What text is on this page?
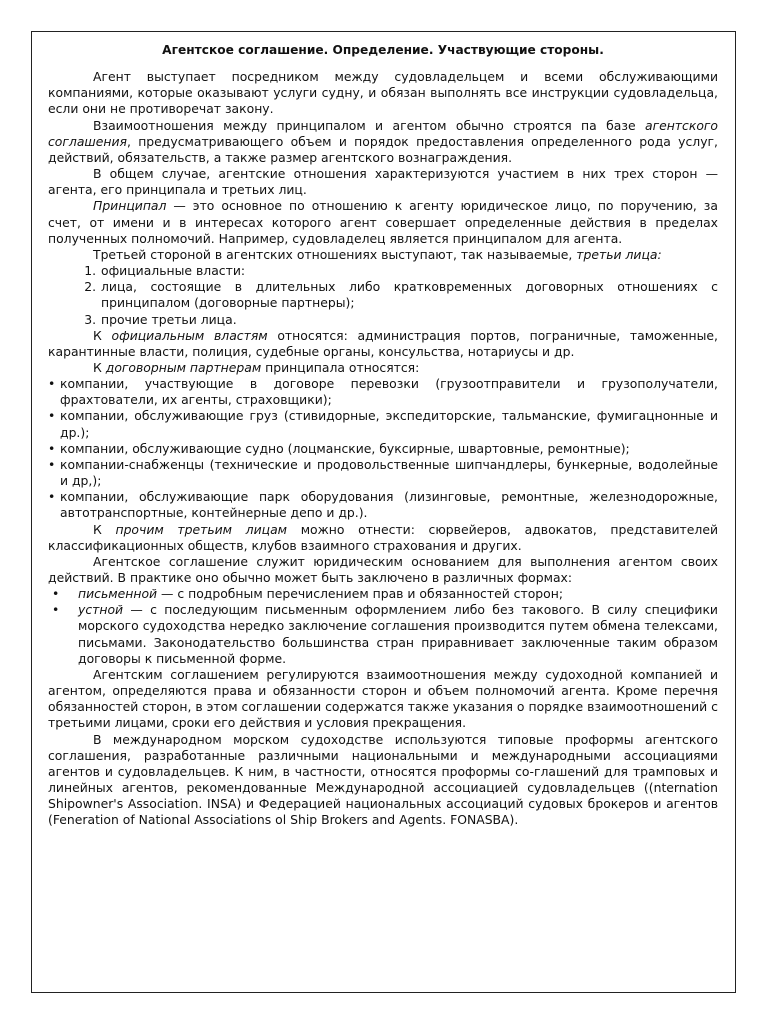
Агентское соглашение. Определение. Участвующие стороны.

Агент выступает посредником между судовладельцем и всеми обслуживающими компаниями, которые оказывают услуги судну, и обязан выполнять все инструкции судовладельца, если они не противоречат закону.

Взаимоотношения между принципалом и агентом обычно строятся па базе агентского соглашения, предусматривающего объем и порядок предоставления определенного рода услуг, действий, обязательств, а также размер агентского вознаграждения.

В общем случае, агентские отношения характеризуются участием в них трех сторон — агента, его принципала и третьих лиц.

Принципал — это основное по отношению к агенту юридическое лицо, по поручению, за счет, от имени и в интересах которого агент совершает определенные действия в пределах полученных полномочий. Например, судовладелец является принципалом для агента.

Третьей стороной в агентских отношениях выступают, так называемые, третьи лица:

1. официальные власти:
2. лица, состоящие в длительных либо кратковременных договорных отношениях с принципалом (договорные партнеры);
3. прочие третьи лица.

К официальным властям относятся: администрация портов, пограничные, таможенные, карантинные власти, полиция, судебные органы, консульства, нотариусы и др.

К договорным партнерам принципала относятся:

• компании, участвующие в договоре перевозки (грузоотправители и грузополучатели, фрахтователи, их агенты, страховщики);
• компании, обслуживающие груз (стивидорные, экспедиторские, тальманские, фумигацнонные и др.);
• компании, обслуживающие судно (лоцманские, буксирные, швартовные, ремонтные);
• компании-снабженцы (технические и продовольственные шипчандлеры, бункерные, водолейные и др,);
• компании, обслуживающие парк оборудования (лизинговые, ремонтные, железнодорожные, автотранспортные, контейнерные депо и др.).

К прочим третьим лицам можно отнести: сюрвейеров, адвокатов, представителей классификационных обществ, клубов взаимного страхования и других.

Агентское соглашение служит юридическим основанием для выполнения агентом своих действий. В практике оно обычно может быть заключено в различных формах:

• письменной — с подробным перечислением прав и обязанностей сторон;
• устной — с последующим письменным оформлением либо без такового. В силу специфики морского судоходства нередко заключение соглашения производится путем обмена телексами, письмами. Законодательство большинства стран приравнивает заключенные таким образом договоры к письменной форме.

Агентским соглашением регулируются взаимоотношения между судоходной компанией и агентом, определяются права и обязанности сторон и объем полномочий агента. Кроме перечня обязанностей сторон, в этом соглашении содержатся также указания о порядке взаимоотношений с третьими лицами, сроки его действия и условия прекращения.

В международном морском судоходстве используются типовые проформы агентского соглашения, разработанные различными национальными и международными ассоциациями агентов и судовладельцев. К ним, в частности, относятся проформы со-глашений для трамповых и линейных агентов, рекомендованные Международной ассоциацией судовладельцев ((nternation Shipowner's Association. INSA) и Федерацией национальных ассоциаций судовых брокеров и агентов (Feneration of National Associations ol Ship Brokers and Agents. FONASBA).
